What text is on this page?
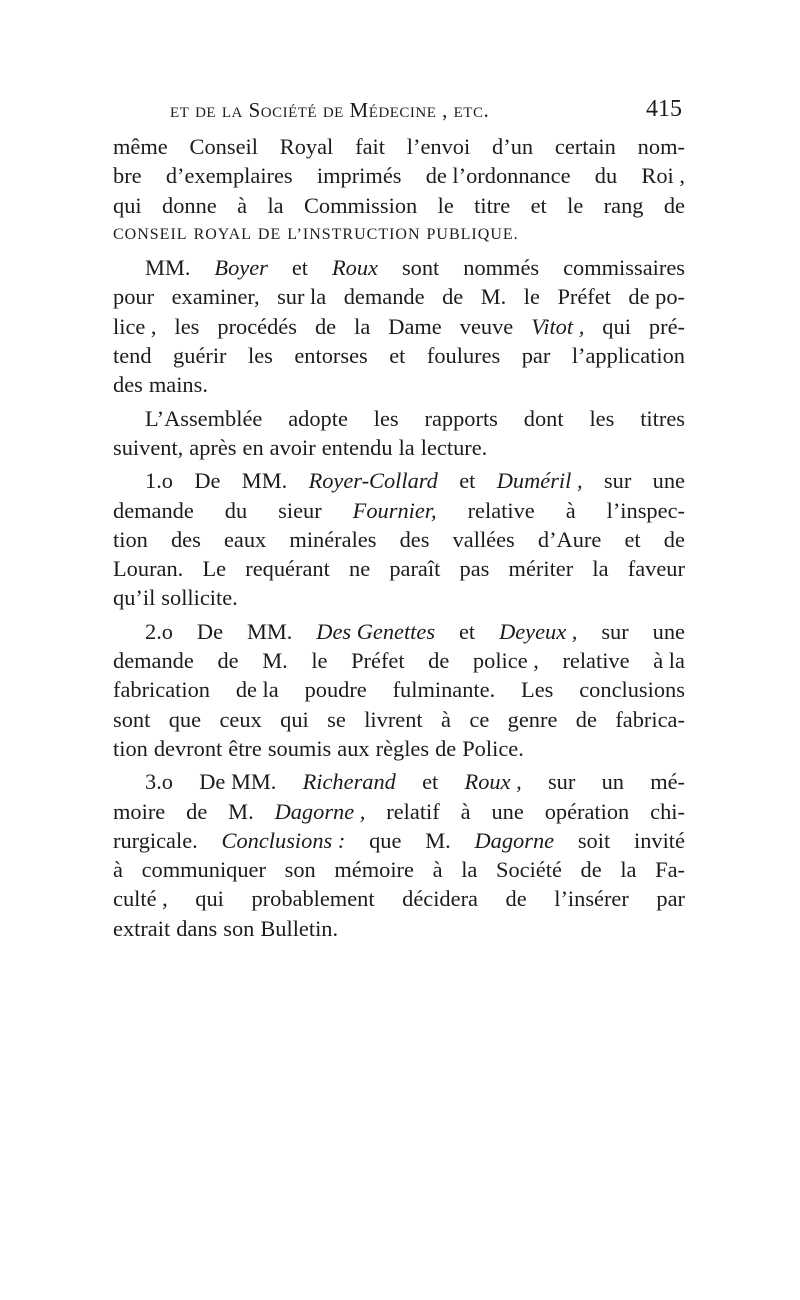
et de la Société de Médecine , etc.	415
même Conseil Royal fait l’envoi d’un certain nom-
bre d’exemplaires imprimés de l’ordonnance du Roi ,
qui donne à la Commission le titre et le rang de
CONSEIL ROYAL DE L’INSTRUCTION PUBLIQUE.
MM. Boyer et Roux sont nommés commissaires
pour examiner, sur la demande de M. le Préfet de po-
lice , les procédés de la Dame veuve Vitot , qui pré-
tend guérir les entorses et foulures par l’application
des mains.
L’Assemblée adopte les rapports dont les titres
suivent, après en avoir entendu la lecture.
1.o De MM. Royer-Collard et Duméril , sur une
demande du sieur Fournier, relative à l’inspec-
tion des eaux minérales des vallées d’Aure et de
Louran. Le requérant ne paraît pas mériter la faveur
qu’il sollicite.
2.o De MM. Des Genettes et Deyeux , sur une
demande de M. le Préfet de police , relative à la
fabrication de la poudre fulminante. Les conclusions
sont que ceux qui se livrent à ce genre de fabrica-
tion devront être soumis aux règles de Police.
3.o De MM. Richerand et Roux , sur un mé-
moire de M. Dagorne , relatif à une opération chi-
rurgicale. Conclusions : que M. Dagorne soit invité
à communiquer son mémoire à la Société de la Fa-
culté , qui probablement décidera de l’insérer par
extrait dans son Bulletin.
